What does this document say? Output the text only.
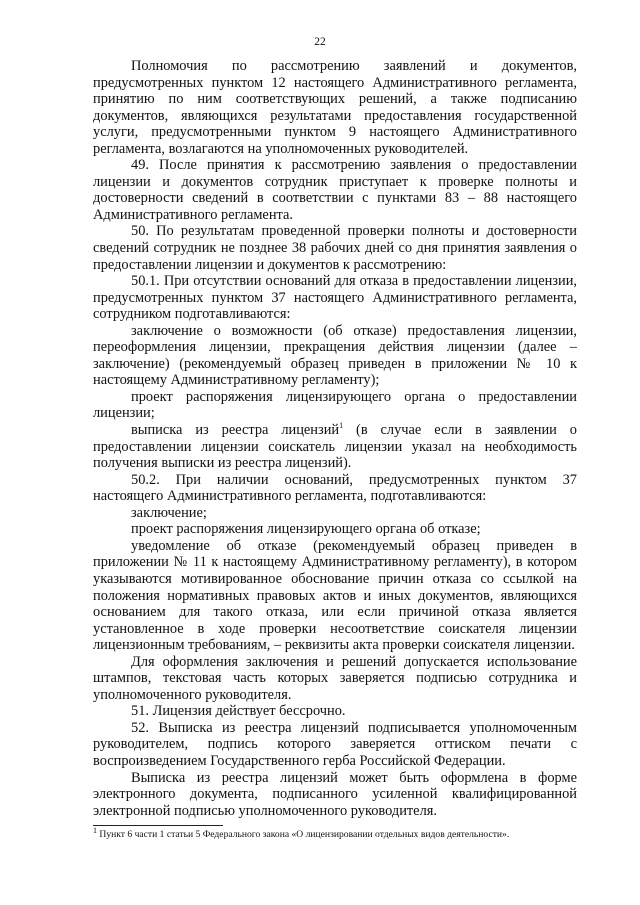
22

Полномочия по рассмотрению заявлений и документов, предусмотренных пунктом 12 настоящего Административного регламента, принятию по ним соответствующих решений, а также подписанию документов, являющихся результатами предоставления государственной услуги, предусмотренными пунктом 9 настоящего Административного регламента, возлагаются на уполномоченных руководителей.

49. После принятия к рассмотрению заявления о предоставлении лицензии и документов сотрудник приступает к проверке полноты и достоверности сведений в соответствии с пунктами 83 – 88 настоящего Административного регламента.

50. По результатам проведенной проверки полноты и достоверности сведений сотрудник не позднее 38 рабочих дней со дня принятия заявления о предоставлении лицензии и документов к рассмотрению:

50.1. При отсутствии оснований для отказа в предоставлении лицензии, предусмотренных пунктом 37 настоящего Административного регламента, сотрудником подготавливаются:

заключение о возможности (об отказе) предоставления лицензии, переоформления лицензии, прекращения действия лицензии (далее – заключение) (рекомендуемый образец приведен в приложении № 10 к настоящему Административному регламенту);

проект распоряжения лицензирующего органа о предоставлении лицензии;

выписка из реестра лицензий$^1$ (в случае если в заявлении о предоставлении лицензии соискатель лицензии указал на необходимость получения выписки из реестра лицензий).

50.2. При наличии оснований, предусмотренных пунктом 37 настоящего Административного регламента, подготавливаются:

заключение;

проект распоряжения лицензирующего органа об отказе;

уведомление об отказе (рекомендуемый образец приведен в приложении № 11 к настоящему Административному регламенту), в котором указываются мотивированное обоснование причин отказа со ссылкой на положения нормативных правовых актов и иных документов, являющихся основанием для такого отказа, или если причиной отказа является установленное в ходе проверки несоответствие соискателя лицензии лицензионным требованиям, – реквизиты акта проверки соискателя лицензии.

Для оформления заключения и решений допускается использование штампов, текстовая часть которых заверяется подписью сотрудника и уполномоченного руководителя.

51. Лицензия действует бессрочно.

52. Выписка из реестра лицензий подписывается уполномоченным руководителем, подпись которого заверяется оттиском печати с воспроизведением Государственного герба Российской Федерации.

Выписка из реестра лицензий может быть оформлена в форме электронного документа, подписанного усиленной квалифицированной электронной подписью уполномоченного руководителя.

$^1$ Пункт 6 части 1 статьи 5 Федерального закона «О лицензировании отдельных видов деятельности».
